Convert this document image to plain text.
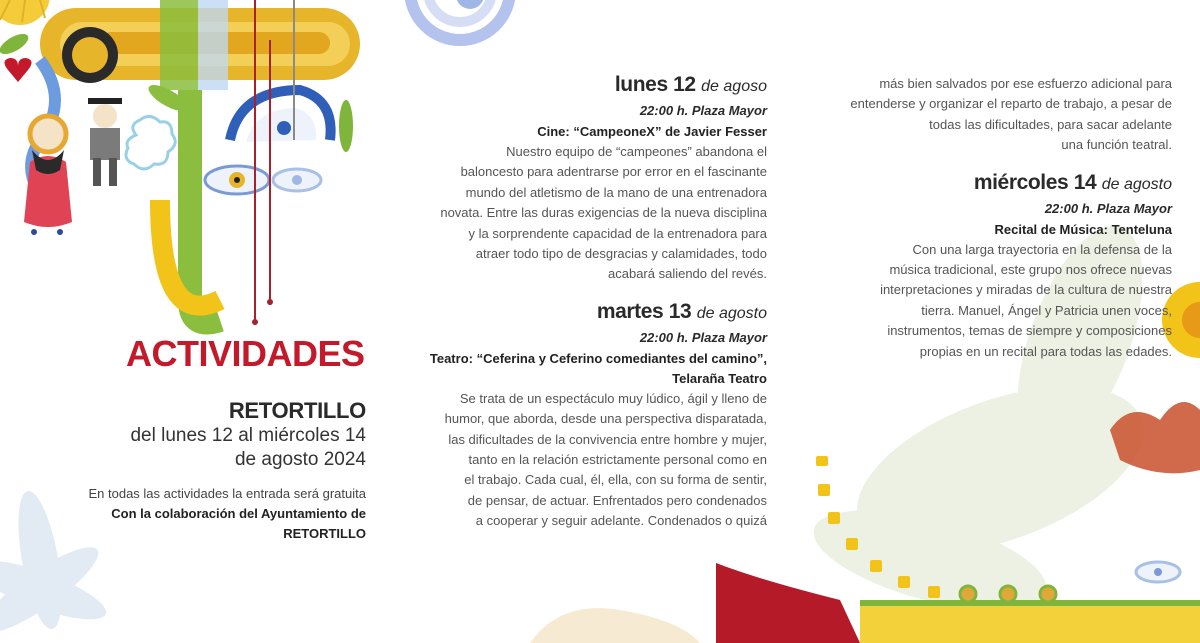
ACTIVIDADES
RETORTILLO
del lunes 12 al miércoles 14
de agosto 2024
En todas las actividades la entrada será gratuita
Con la colaboración del Ayuntamiento de
RETORTILLO
lunes 12 de agoso
22:00 h. Plaza Mayor
Cine: “CampeoneX” de Javier Fesser
Nuestro equipo de “campeones” abandona el
baloncesto para adentrarse por error en el fascinante
mundo del atletismo de la mano de una entrenadora
novata. Entre las duras exigencias de la nueva disciplina
y la sorprendente capacidad de la entrenadora para
atraer todo tipo de desgracias y calamidades, todo
acabará saliendo del revés.
martes 13 de agosto
22:00 h. Plaza Mayor
Teatro: “Ceferina y Ceferino comediantes del camino”,
Telaraña Teatro
Se trata de un espectáculo muy lúdico, ágil y lleno de
humor, que aborda, desde una perspectiva disparatada,
las dificultades de la convivencia entre hombre y mujer,
tanto en la relación estrictamente personal como en
el trabajo. Cada cual, él, ella, con su forma de sentir,
de pensar, de actuar. Enfrentados pero condenados
a cooperar y seguir adelante. Condenados o quizá
más bien salvados por ese esfuerzo adicional para
entenderse y organizar el reparto de trabajo, a pesar de
todas las dificultades, para sacar adelante
una función teatral.
miércoles 14 de agosto
22:00 h. Plaza Mayor
Recital de Música: Tenteluna
Con una larga trayectoria en la defensa de la
música tradicional, este grupo nos ofrece nuevas
interpretaciones y miradas de la cultura de nuestra
tierra. Manuel, Ángel y Patricia unen voces,
instrumentos, temas de siempre y composiciones
propias en un recital para todas las edades.
